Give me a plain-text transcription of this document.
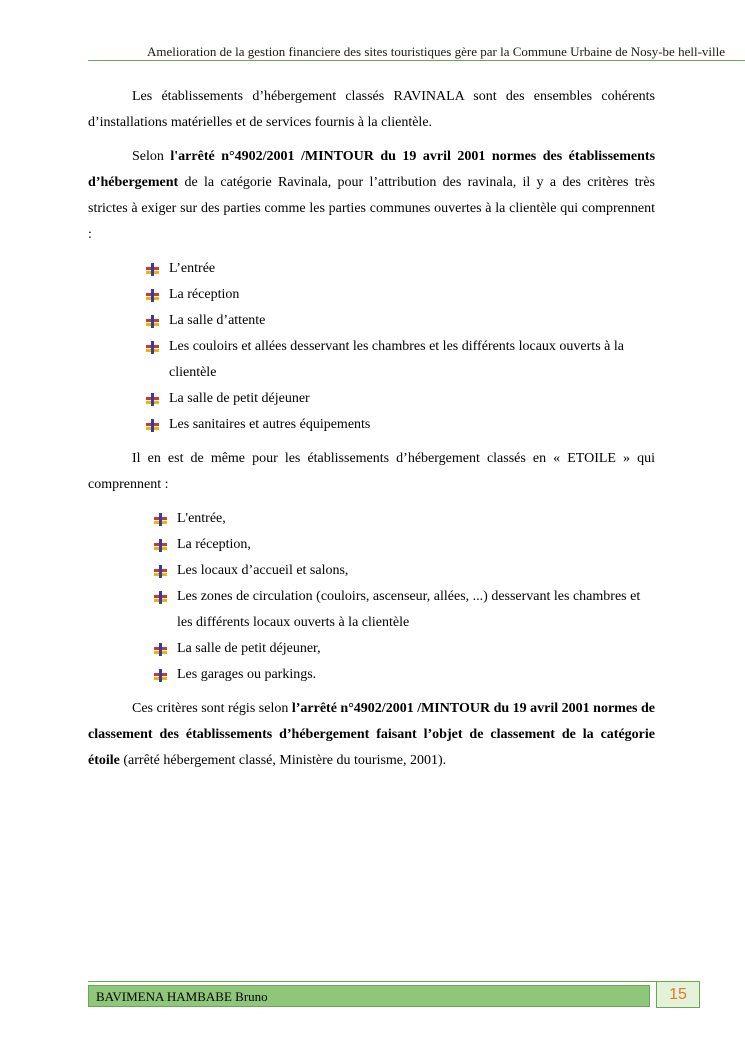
Amelioration de la gestion financiere des sites touristiques gère par la Commune Urbaine de Nosy-be hell-ville

Les établissements d’hébergement classés RAVINALA sont des ensembles cohérents d’installations matérielles et de services fournis à la clientèle.

Selon l'arrêté n°4902/2001 /MINTOUR du 19 avril 2001 normes des établissements d’hébergement de la catégorie Ravinala, pour l’attribution des ravinala, il y a des critères très strictes à exiger sur des parties comme les parties communes ouvertes à la clientèle qui comprennent :

L’entrée
La réception
La salle d’attente
Les couloirs et allées desservant les chambres et les différents locaux ouverts à la clientèle
La salle de petit déjeuner
Les sanitaires et autres équipements

Il en est de même pour les établissements d’hébergement classés en « ETOILE » qui comprennent :

L'entrée,
La réception,
Les locaux d’accueil et salons,
Les zones de circulation (couloirs, ascenseur, allées, ...) desservant les chambres et les différents locaux ouverts à la clientèle
La salle de petit déjeuner,
Les garages ou parkings.

Ces critères sont régis selon l’arrêté n°4902/2001 /MINTOUR du 19 avril 2001 normes de classement des établissements d’hébergement faisant l’objet de classement de la catégorie étoile (arrêté hébergement classé, Ministère du tourisme, 2001).

BAVIMENA HAMBABE Bruno	15
